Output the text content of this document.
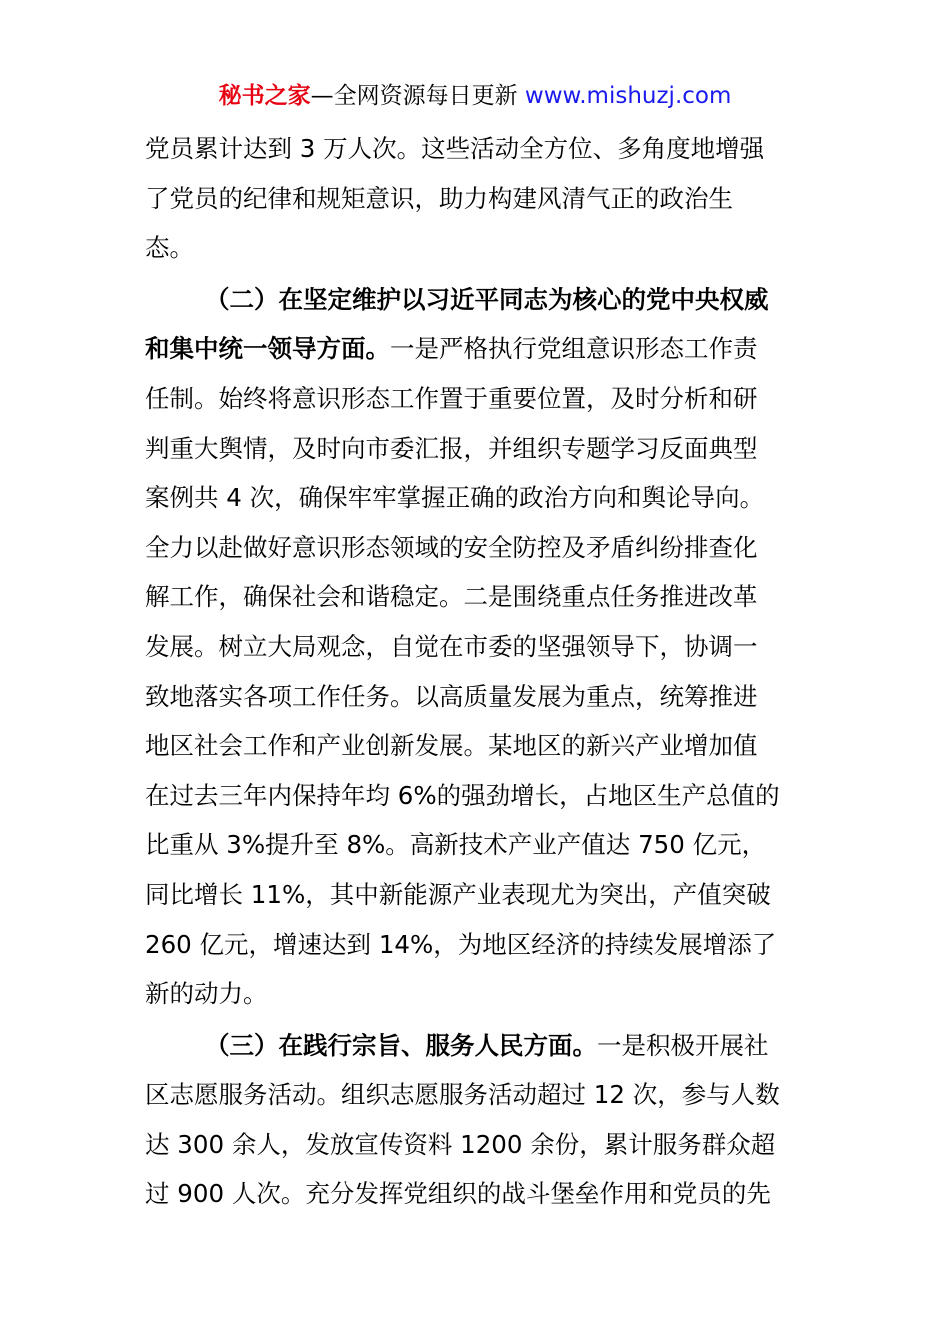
秘书之家—全网资源每日更新 www.mishuzj.com
党员累计达到 3 万人次。这些活动全方位、多角度地增强
了党员的纪律和规矩意识，助力构建风清气正的政治生
态。
（二）在坚定维护以习近平同志为核心的党中央权威
和集中统一领导方面。一是严格执行党组意识形态工作责
任制。始终将意识形态工作置于重要位置，及时分析和研
判重大舆情，及时向市委汇报，并组织专题学习反面典型
案例共 4 次，确保牢牢掌握正确的政治方向和舆论导向。
全力以赴做好意识形态领域的安全防控及矛盾纠纷排查化
解工作，确保社会和谐稳定。二是围绕重点任务推进改革
发展。树立大局观念，自觉在市委的坚强领导下，协调一
致地落实各项工作任务。以高质量发展为重点，统筹推进
地区社会工作和产业创新发展。某地区的新兴产业增加值
在过去三年内保持年均 6%的强劲增长，占地区生产总值的
比重从 3%提升至 8%。高新技术产业产值达 750 亿元，
同比增长 11%，其中新能源产业表现尤为突出，产值突破
260 亿元，增速达到 14%，为地区经济的持续发展增添了
新的动力。
（三）在践行宗旨、服务人民方面。一是积极开展社
区志愿服务活动。组织志愿服务活动超过 12 次，参与人数
达 300 余人，发放宣传资料 1200 余份，累计服务群众超
过 900 人次。充分发挥党组织的战斗堡垒作用和党员的先
